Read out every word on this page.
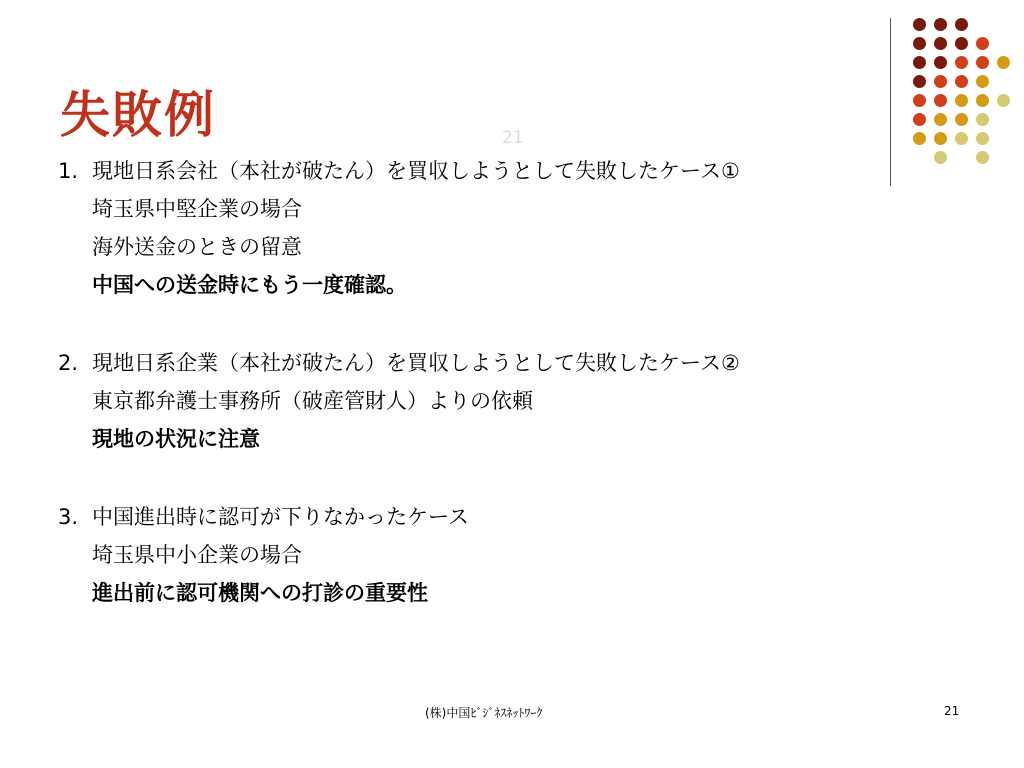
失敗例	21
1. 現地日系会社（本社が破たん）を買収しようとして失敗したケース①
埼玉県中堅企業の場合
海外送金のときの留意
中国への送金時にもう一度確認。
2. 現地日系企業（本社が破たん）を買収しようとして失敗したケース②
東京都弁護士事務所（破産管財人）よりの依頼
現地の状況に注意
3. 中国進出時に認可が下りなかったケース
埼玉県中小企業の場合
進出前に認可機関への打診の重要性
(株)中国ﾋﾞｼﾞﾈｽﾈｯﾄﾜｰｸ	21
